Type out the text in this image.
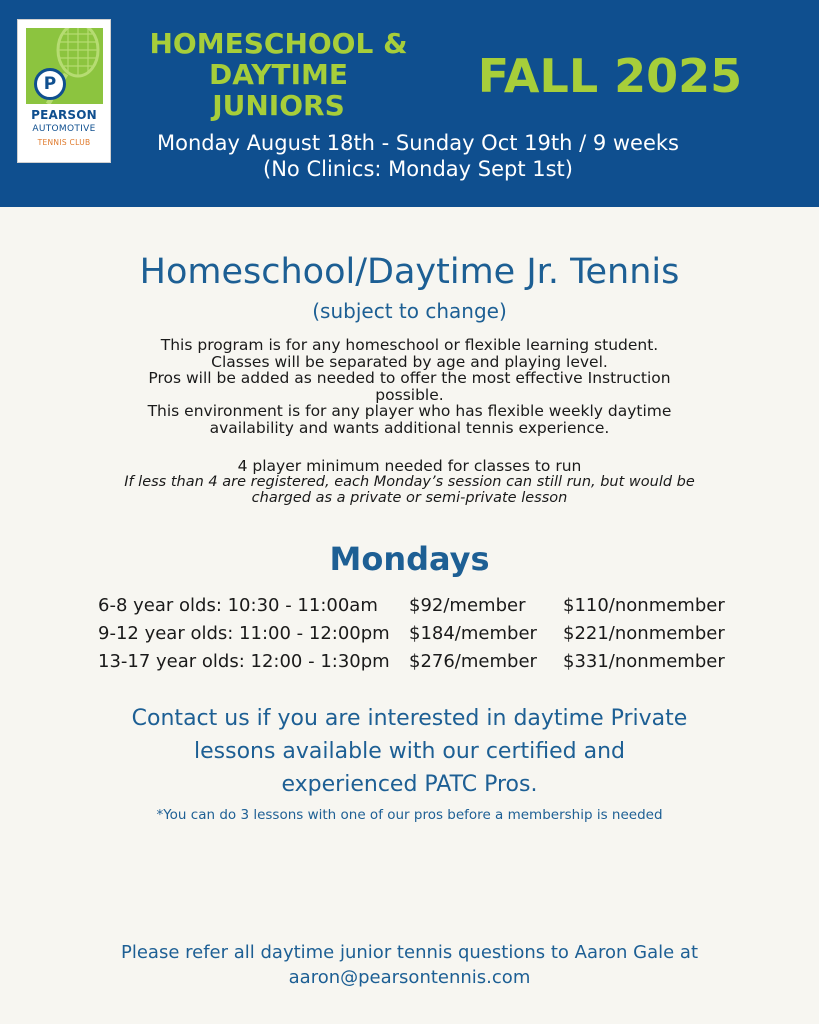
P
PEARSON
AUTOMOTIVE
TENNIS CLUB
HOMESCHOOL &
DAYTIME
JUNIORS
FALL 2025
Monday August 18th - Sunday Oct 19th / 9 weeks
(No Clinics: Monday Sept 1st)
Homeschool/Daytime Jr. Tennis
(subject to change)
This program is for any homeschool or flexible learning student.
Classes will be separated by age and playing level.
Pros will be added as needed to offer the most effective Instruction
possible.
This environment is for any player who has flexible weekly daytime
availability and wants additional tennis experience.
4 player minimum needed for classes to run
If less than 4 are registered, each Monday’s session can still run, but would be
charged as a private or semi-private lesson
Mondays
6-8 year olds: 10:30 - 11:00am $92/member $110/nonmember
9-12 year olds: 11:00 - 12:00pm $184/member $221/nonmember
13-17 year olds: 12:00 - 1:30pm $276/member $331/nonmember
Contact us if you are interested in daytime Private
lessons available with our certified and
experienced PATC Pros.
*You can do 3 lessons with one of our pros before a membership is needed
Please refer all daytime junior tennis questions to Aaron Gale at
aaron@pearsontennis.com
